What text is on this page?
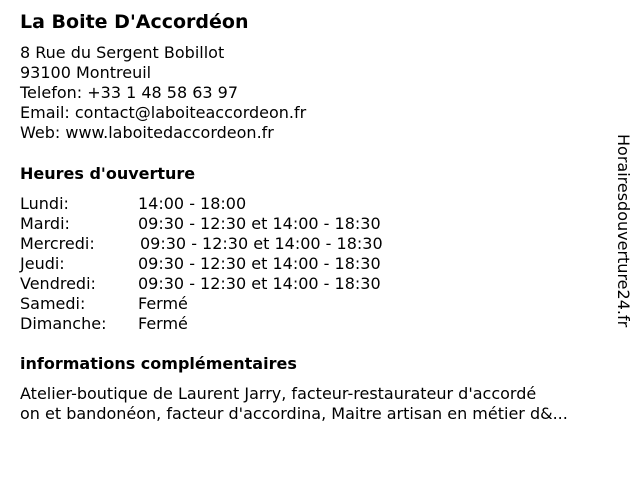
La Boite D'Accordéon
8 Rue du Sergent Bobillot
93100 Montreuil
Telefon: +33 1 48 58 63 97
Email: contact@laboiteaccordeon.fr
Web: www.laboitedaccordeon.fr
Heures d'ouverture
Lundi:	14:00 - 18:00
Mardi:	09:30 - 12:30 et 14:00 - 18:30
Mercredi:	09:30 - 12:30 et 14:00 - 18:30
Jeudi:	09:30 - 12:30 et 14:00 - 18:30
Vendredi:	09:30 - 12:30 et 14:00 - 18:30
Samedi:	Fermé
Dimanche: Fermé
informations complémentaires
Atelier-boutique de Laurent Jarry, facteur-restaurateur d'accordé
on et bandonéon, facteur d'accordina, Maitre artisan en métier d&...
Horairesdouverture24.fr
